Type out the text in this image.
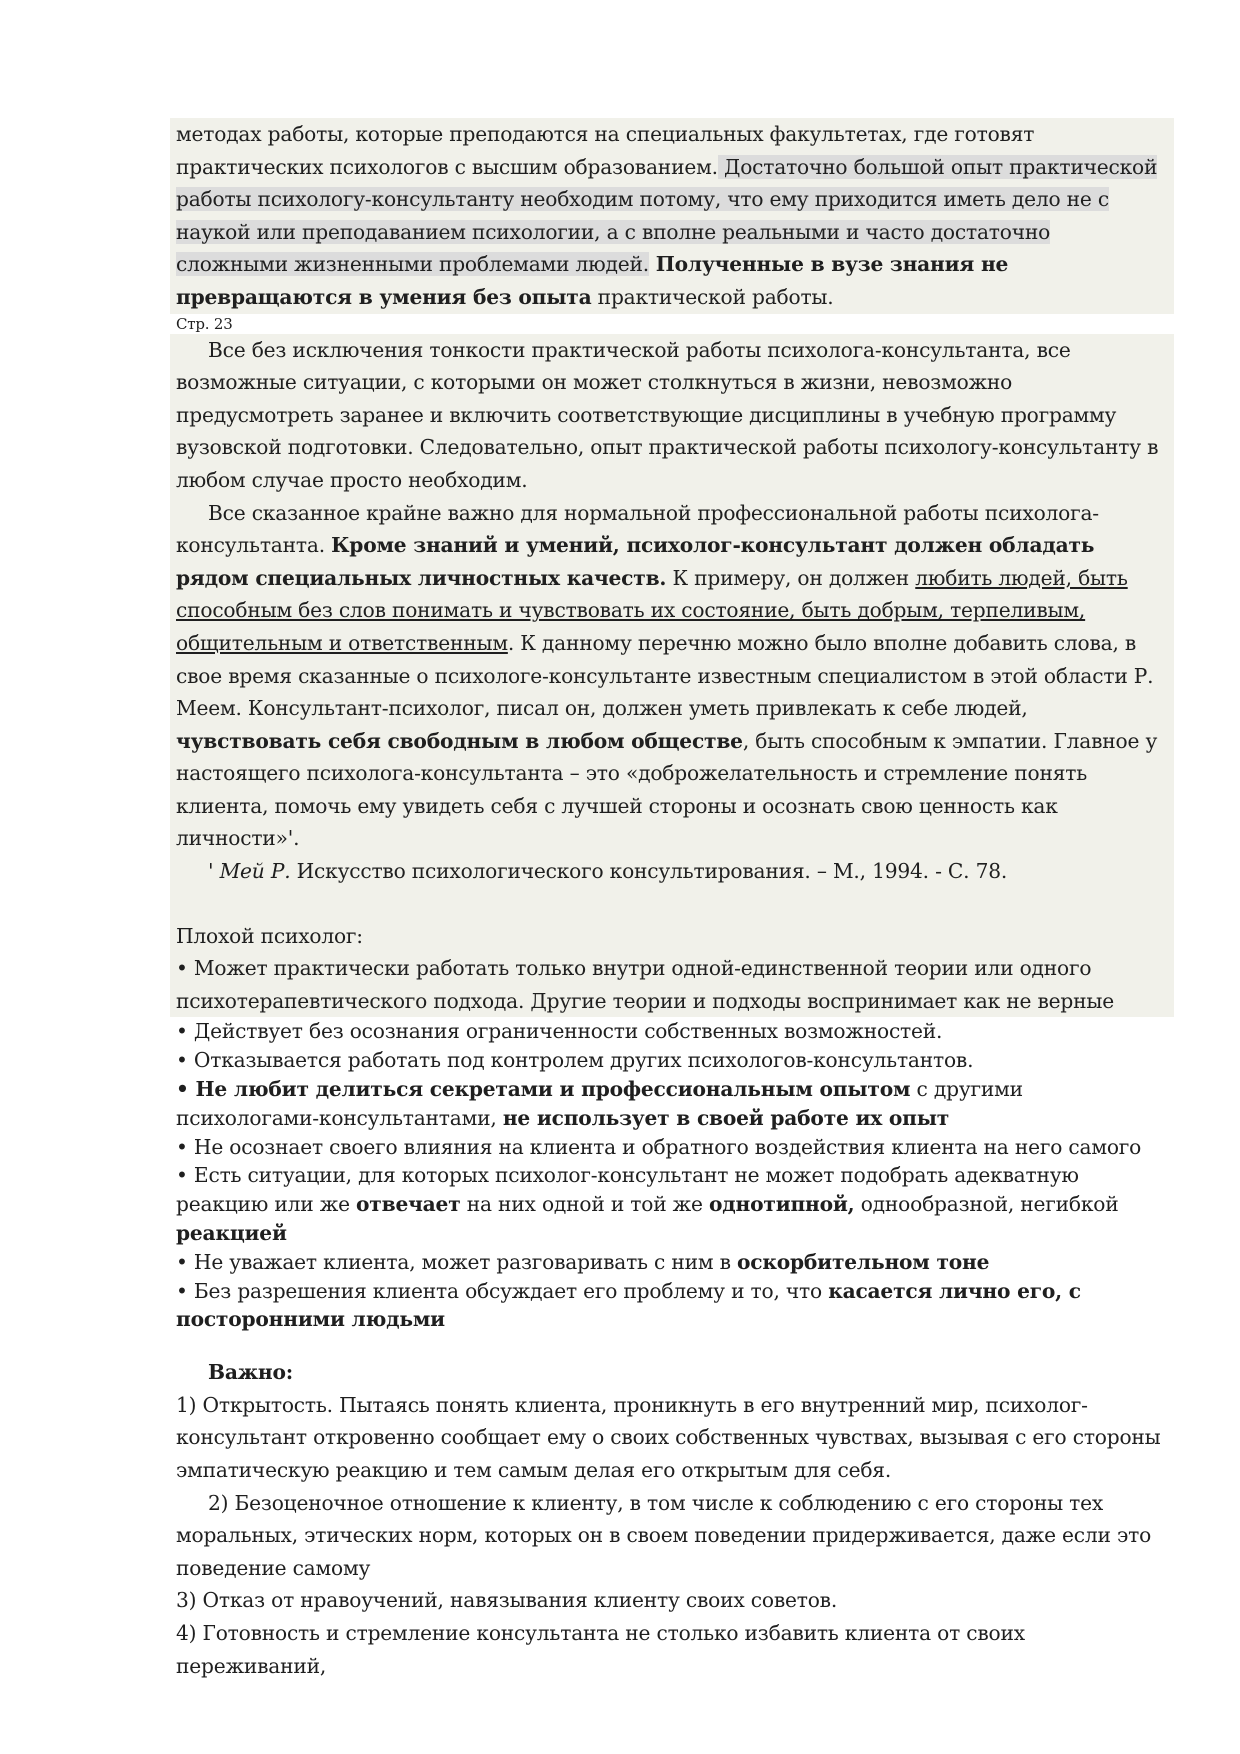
методах работы, которые преподаются на специальных факультетах, где готовят практических психологов с высшим образованием. Достаточно большой опыт практической работы психологу-консультанту необходим потому, что ему приходится иметь дело не с наукой или преподаванием психологии, а с вполне реальными и часто достаточно сложными жизненными проблемами людей. Полученные в вузе знания не превращаются в умения без опыта практической работы.

Стр. 23

Все без исключения тонкости практической работы психолога-консультанта, все возможные ситуации, с которыми он может столкнуться в жизни, невозможно предусмотреть заранее и включить соответствующие дисциплины в учебную программу вузовской подготовки. Следовательно, опыт практической работы психологу-консультанту в любом случае просто необходим.

Все сказанное крайне важно для нормальной профессиональной работы психолога-консультанта. Кроме знаний и умений, психолог-консультант должен обладать рядом специальных личностных качеств. К примеру, он должен любить людей, быть способным без слов понимать и чувствовать их состояние, быть добрым, терпеливым, общительным и ответственным. К данному перечню можно было вполне добавить слова, в свое время сказанные о психологе-консультанте известным специалистом в этой области Р. Меем. Консультант-психолог, писал он, должен уметь привлекать к себе людей, чувствовать себя свободным в любом обществе, быть способным к эмпатии. Главное у настоящего психолога-консультанта – это «доброжелательность и стремление понять клиента, помочь ему увидеть себя с лучшей стороны и осознать свою ценность как личности»'.

' Мей Р. Искусство психологического консультирования. – М., 1994. - С. 78.

Плохой психолог:

• Может практически работать только внутри одной-единственной теории или одного психотерапевтического подхода. Другие теории и подходы воспринимает как не верные

• Действует без осознания ограниченности собственных возможностей.

• Отказывается работать под контролем других психологов-консультантов.

• Не любит делиться секретами и профессиональным опытом с другими психологами-консультантами, не использует в своей работе их опыт

• Не осознает своего влияния на клиента и обратного воздействия клиента на него самого

• Есть ситуации, для которых психолог-консультант не может подобрать адекватную реакцию или же отвечает на них одной и той же однотипной, однообразной, негибкой реакцией

• Не уважает клиента, может разговаривать с ним в оскорбительном тоне

• Без разрешения клиента обсуждает его проблему и то, что касается лично его, с посторонними людьми

Важно:

1) Открытость. Пытаясь понять клиента, проникнуть в его внутренний мир, психолог-консультант откровенно сообщает ему о своих собственных чувствах, вызывая с его стороны эмпатическую реакцию и тем самым делая его открытым для себя.

2) Безоценочное отношение к клиенту, в том числе к соблюдению с его стороны тех моральных, этических норм, которых он в своем поведении придерживается, даже если это поведение самому

3) Отказ от нравоучений, навязывания клиенту своих советов.

4) Готовность и стремление консультанта не столько избавить клиента от своих переживаний,
